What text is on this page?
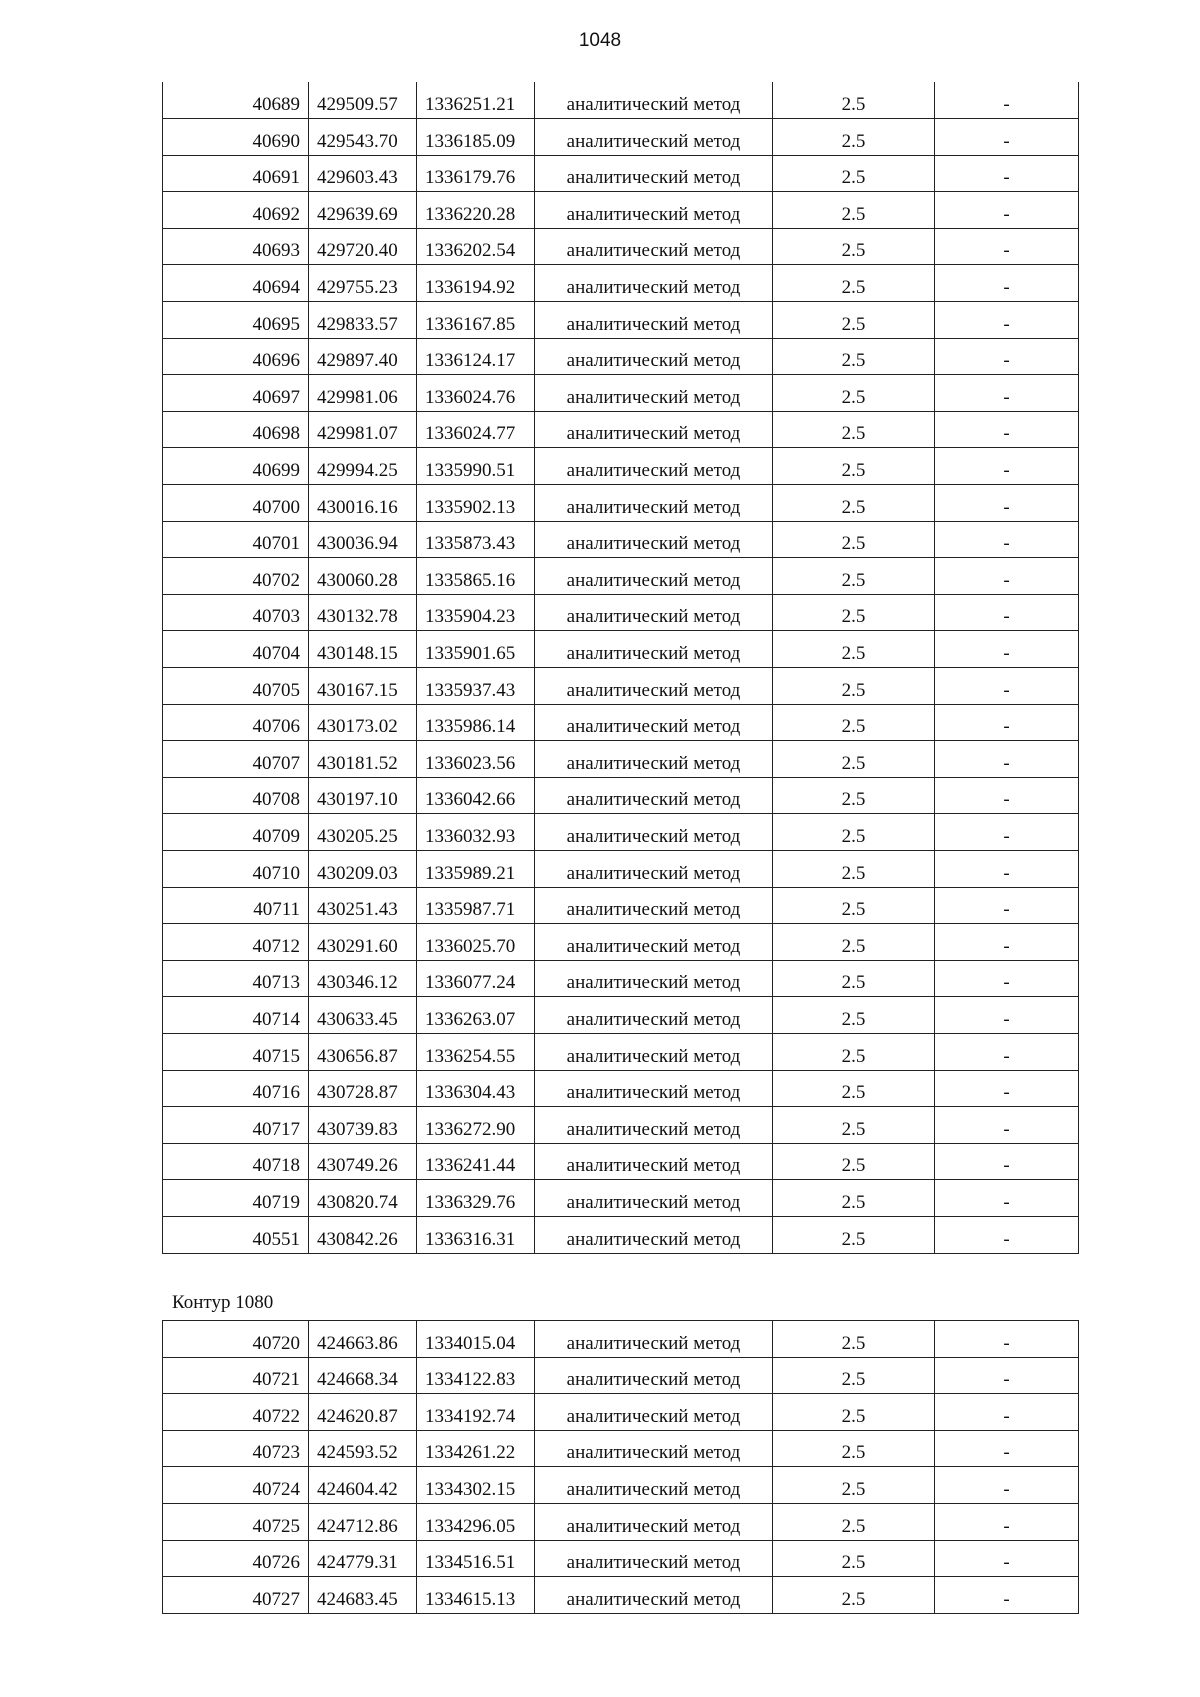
1048
40689	429509.57	1336251.21	аналитический метод	2.5	-
40690	429543.70	1336185.09	аналитический метод	2.5	-
40691	429603.43	1336179.76	аналитический метод	2.5	-
40692	429639.69	1336220.28	аналитический метод	2.5	-
40693	429720.40	1336202.54	аналитический метод	2.5	-
40694	429755.23	1336194.92	аналитический метод	2.5	-
40695	429833.57	1336167.85	аналитический метод	2.5	-
40696	429897.40	1336124.17	аналитический метод	2.5	-
40697	429981.06	1336024.76	аналитический метод	2.5	-
40698	429981.07	1336024.77	аналитический метод	2.5	-
40699	429994.25	1335990.51	аналитический метод	2.5	-
40700	430016.16	1335902.13	аналитический метод	2.5	-
40701	430036.94	1335873.43	аналитический метод	2.5	-
40702	430060.28	1335865.16	аналитический метод	2.5	-
40703	430132.78	1335904.23	аналитический метод	2.5	-
40704	430148.15	1335901.65	аналитический метод	2.5	-
40705	430167.15	1335937.43	аналитический метод	2.5	-
40706	430173.02	1335986.14	аналитический метод	2.5	-
40707	430181.52	1336023.56	аналитический метод	2.5	-
40708	430197.10	1336042.66	аналитический метод	2.5	-
40709	430205.25	1336032.93	аналитический метод	2.5	-
40710	430209.03	1335989.21	аналитический метод	2.5	-
40711	430251.43	1335987.71	аналитический метод	2.5	-
40712	430291.60	1336025.70	аналитический метод	2.5	-
40713	430346.12	1336077.24	аналитический метод	2.5	-
40714	430633.45	1336263.07	аналитический метод	2.5	-
40715	430656.87	1336254.55	аналитический метод	2.5	-
40716	430728.87	1336304.43	аналитический метод	2.5	-
40717	430739.83	1336272.90	аналитический метод	2.5	-
40718	430749.26	1336241.44	аналитический метод	2.5	-
40719	430820.74	1336329.76	аналитический метод	2.5	-
40551	430842.26	1336316.31	аналитический метод	2.5	-
Контур 1080
40720	424663.86	1334015.04	аналитический метод	2.5	-
40721	424668.34	1334122.83	аналитический метод	2.5	-
40722	424620.87	1334192.74	аналитический метод	2.5	-
40723	424593.52	1334261.22	аналитический метод	2.5	-
40724	424604.42	1334302.15	аналитический метод	2.5	-
40725	424712.86	1334296.05	аналитический метод	2.5	-
40726	424779.31	1334516.51	аналитический метод	2.5	-
40727	424683.45	1334615.13	аналитический метод	2.5	-
